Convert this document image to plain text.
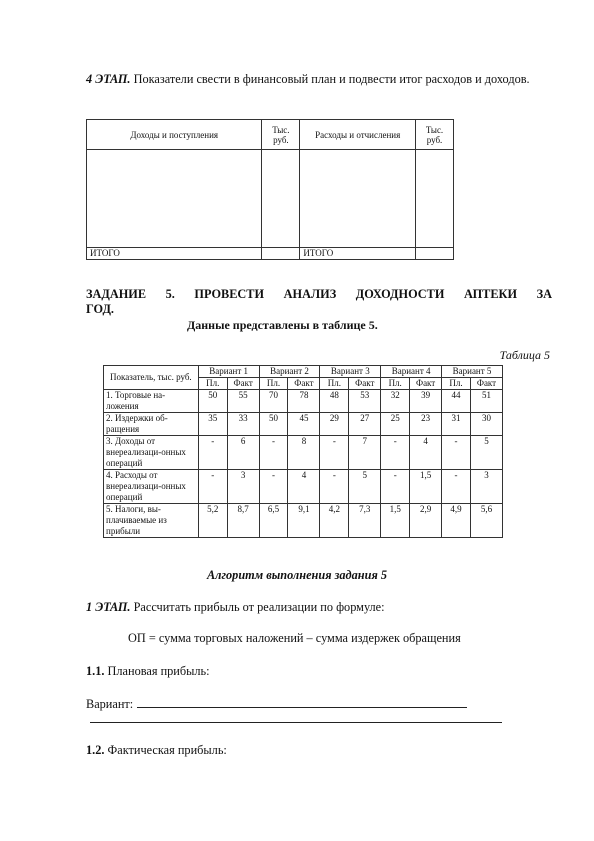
4 ЭТАП. Показатели свести в финансовый план и подвести итог расходов и доходов.
Доходы и поступления	Тыс. руб.	Расходы и отчисления	Тыс. руб.

ИТОГО		ИТОГО	
ЗАДАНИЕ 5. ПРОВЕСТИ АНАЛИЗ ДОХОДНОСТИ АПТЕКИ ЗА
ГОД.
Данные представлены в таблице 5.
Таблица 5
Показатель, тыс. руб.	Вариант 1		Вариант 2		Вариант 3		Вариант 4		Вариант 5	
	Пл.	Факт	Пл.	Факт	Пл.	Факт	Пл.	Факт	Пл.	Факт
1. Торговые на-ложения	50	55	70	78	48	53	32	39	44	51
2. Издержки об-ращения	35	33	50	45	29	27	25	23	31	30
3. Доходы от внереализаци-онных операций	-	6	-	8	-	7	-	4	-	5
4. Расходы от внереализаци-онных операций	-	3	-	4	-	5	-	1,5	-	3
5. Налоги, вы-плачиваемые из прибыли	5,2	8,7	6,5	9,1	4,2	7,3	1,5	2,9	4,9	5,6
Алгоритм выполнения задания 5
1 ЭТАП. Рассчитать прибыль от реализации по формуле:
ОП = сумма торговых наложений – сумма издержек обращения
1.1. Плановая прибыль:
Вариант:
1.2. Фактическая прибыль:
